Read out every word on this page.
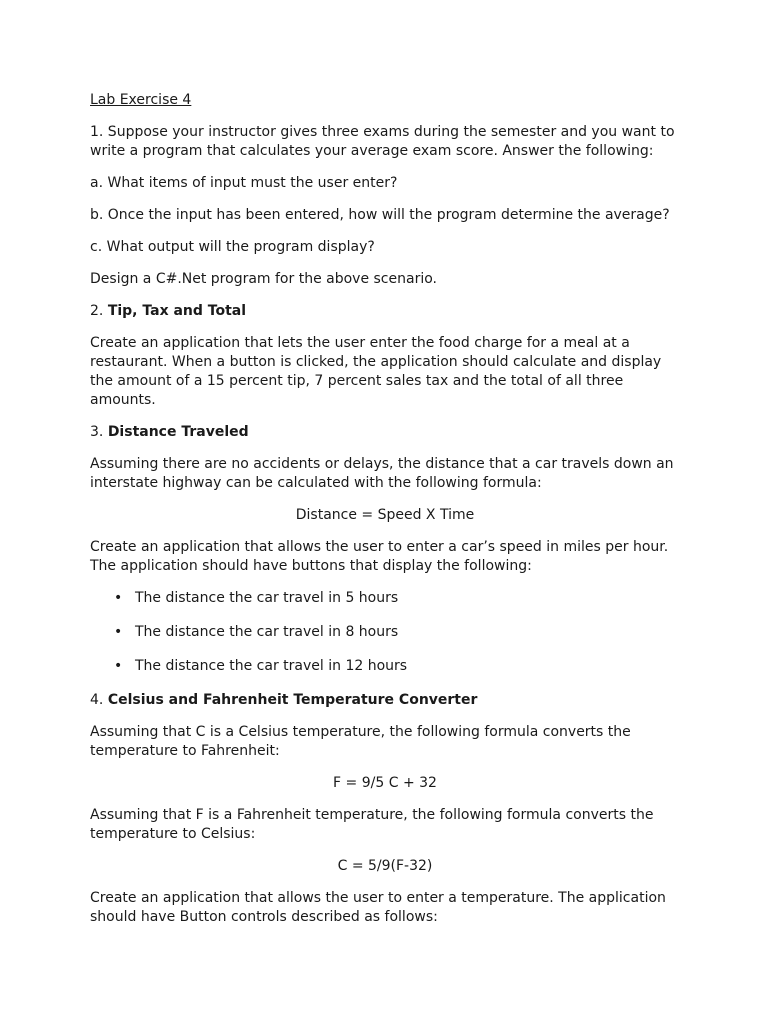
Lab Exercise 4

1. Suppose your instructor gives three exams during the semester and you want to write a program that calculates your average exam score. Answer the following:

a. What items of input must the user enter?

b. Once the input has been entered, how will the program determine the average?

c. What output will the program display?

Design a C#.Net program for the above scenario.

2. Tip, Tax and Total

Create an application that lets the user enter the food charge for a meal at a restaurant. When a button is clicked, the application should calculate and display the amount of a 15 percent tip, 7 percent sales tax and the total of all three amounts.

3. Distance Traveled

Assuming there are no accidents or delays, the distance that a car travels down an interstate highway can be calculated with the following formula:

Distance = Speed X Time

Create an application that allows the user to enter a car’s speed in miles per hour. The application should have buttons that display the following:

• The distance the car travel in 5 hours
• The distance the car travel in 8 hours
• The distance the car travel in 12 hours

4. Celsius and Fahrenheit Temperature Converter

Assuming that C is a Celsius temperature, the following formula converts the temperature to Fahrenheit:

F = 9/5 C + 32

Assuming that F is a Fahrenheit temperature, the following formula converts the temperature to Celsius:

C = 5/9(F-32)

Create an application that allows the user to enter a temperature. The application should have Button controls described as follows:
